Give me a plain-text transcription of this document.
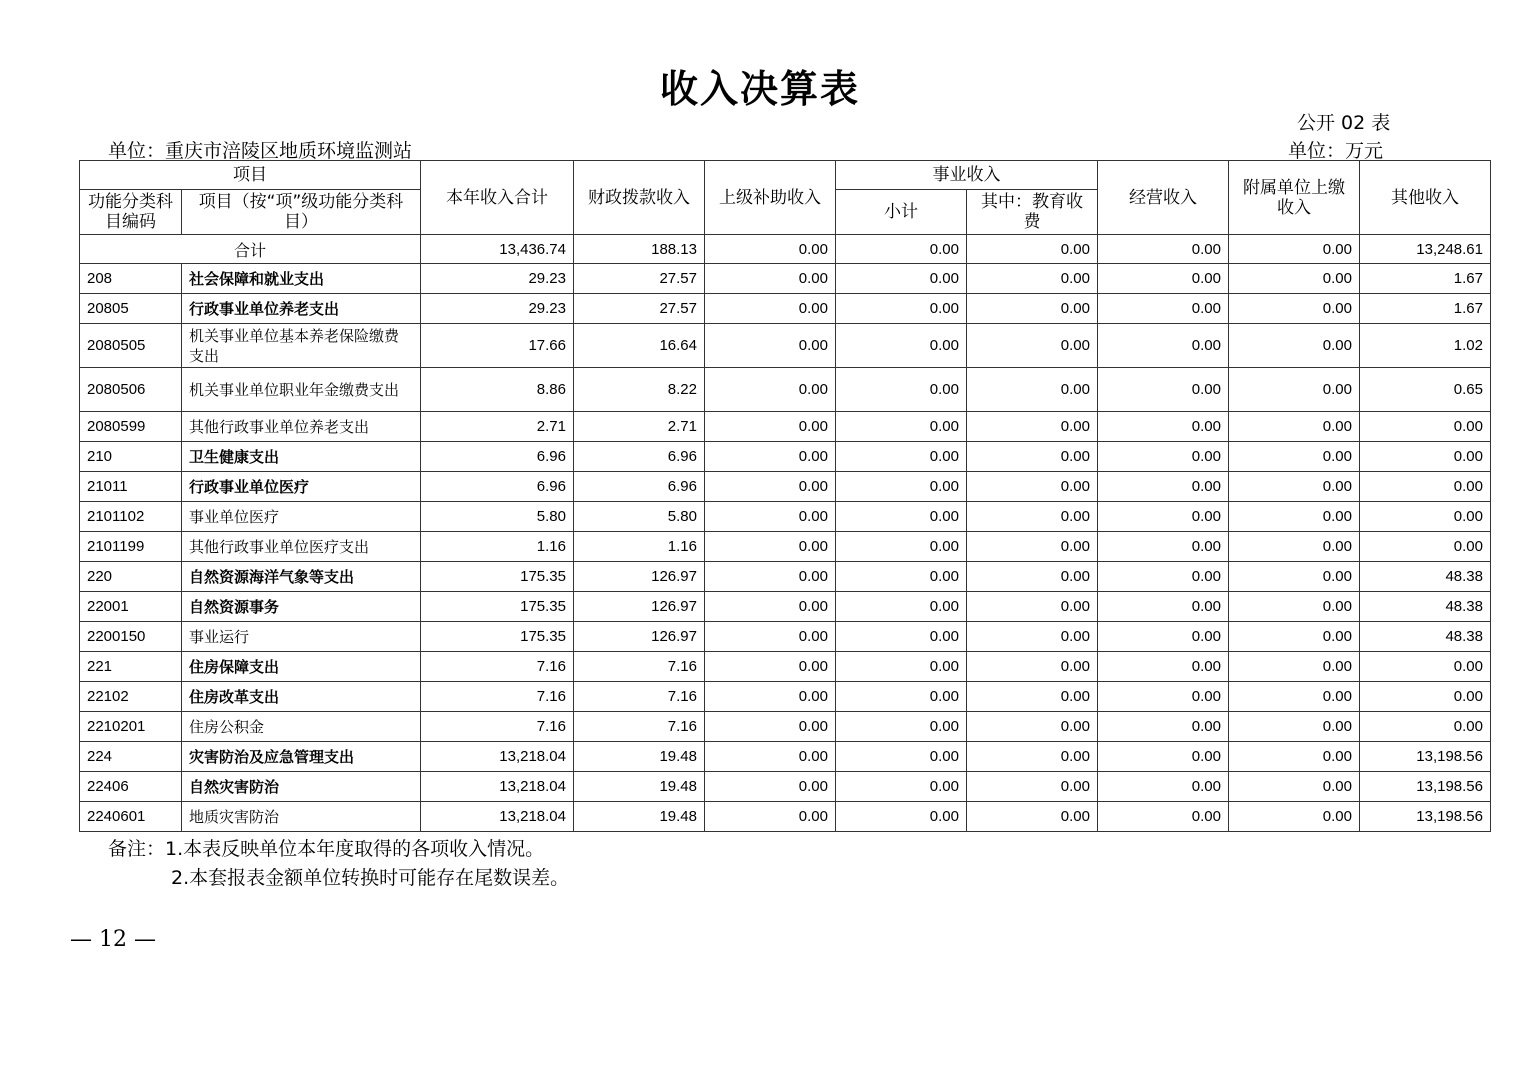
收入决算表
公开 02 表
单位：重庆市涪陵区地质环境监测站	单位：万元
项目		本年收入合计	财政拨款收入	上级补助收入	事业收入		经营收入	附属单位上缴收入	其他收入
功能分类科目编码	项目（按“项”级功能分类科目）				小计	其中：教育收费			
合计		13,436.74	188.13	0.00	0.00	0.00	0.00	0.00	13,248.61
208	社会保障和就业支出	29.23	27.57	0.00	0.00	0.00	0.00	0.00	1.67
20805	行政事业单位养老支出	29.23	27.57	0.00	0.00	0.00	0.00	0.00	1.67
2080505	机关事业单位基本养老保险缴费支出	17.66	16.64	0.00	0.00	0.00	0.00	0.00	1.02
2080506	机关事业单位职业年金缴费支出	8.86	8.22	0.00	0.00	0.00	0.00	0.00	0.65
2080599	其他行政事业单位养老支出	2.71	2.71	0.00	0.00	0.00	0.00	0.00	0.00
210	卫生健康支出	6.96	6.96	0.00	0.00	0.00	0.00	0.00	0.00
21011	行政事业单位医疗	6.96	6.96	0.00	0.00	0.00	0.00	0.00	0.00
2101102	事业单位医疗	5.80	5.80	0.00	0.00	0.00	0.00	0.00	0.00
2101199	其他行政事业单位医疗支出	1.16	1.16	0.00	0.00	0.00	0.00	0.00	0.00
220	自然资源海洋气象等支出	175.35	126.97	0.00	0.00	0.00	0.00	0.00	48.38
22001	自然资源事务	175.35	126.97	0.00	0.00	0.00	0.00	0.00	48.38
2200150	事业运行	175.35	126.97	0.00	0.00	0.00	0.00	0.00	48.38
221	住房保障支出	7.16	7.16	0.00	0.00	0.00	0.00	0.00	0.00
22102	住房改革支出	7.16	7.16	0.00	0.00	0.00	0.00	0.00	0.00
2210201	住房公积金	7.16	7.16	0.00	0.00	0.00	0.00	0.00	0.00
224	灾害防治及应急管理支出	13,218.04	19.48	0.00	0.00	0.00	0.00	0.00	13,198.56
22406	自然灾害防治	13,218.04	19.48	0.00	0.00	0.00	0.00	0.00	13,198.56
2240601	地质灾害防治	13,218.04	19.48	0.00	0.00	0.00	0.00	0.00	13,198.56
备注：1.本表反映单位本年度取得的各项收入情况。
2.本套报表金额单位转换时可能存在尾数误差。
— 12 —
